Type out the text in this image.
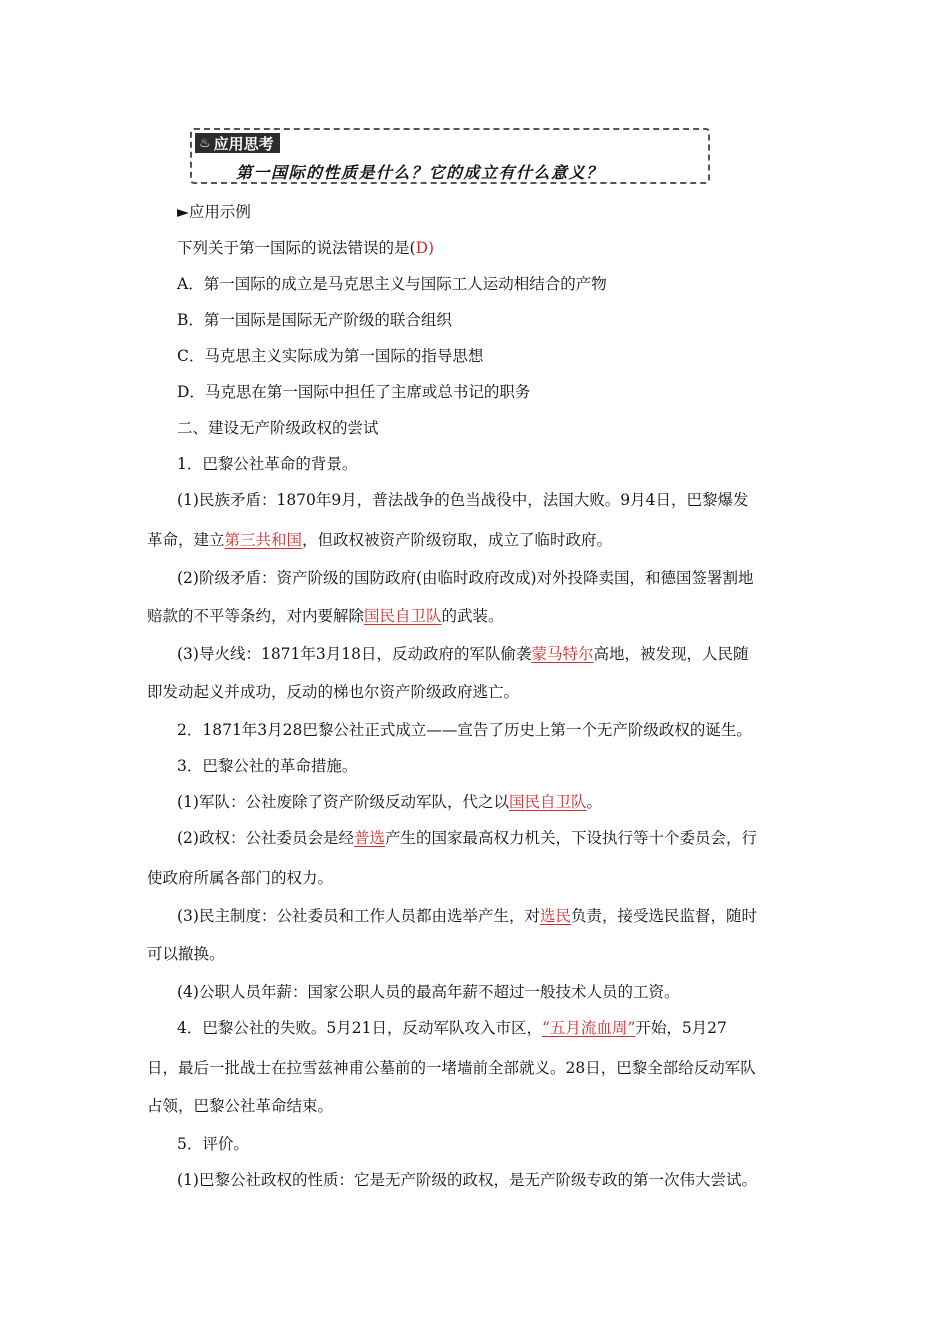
♨ 应用思考
第一国际的性质是什么？它的成立有什么意义？

►应用示例

下列关于第一国际的说法错误的是(D)

A．第一国际的成立是马克思主义与国际工人运动相结合的产物

B．第一国际是国际无产阶级的联合组织

C．马克思主义实际成为第一国际的指导思想

D．马克思在第一国际中担任了主席或总书记的职务

二、建设无产阶级政权的尝试

1．巴黎公社革命的背景。

(1)民族矛盾：1870年9月，普法战争的色当战役中，法国大败。9月4日，巴黎爆发

革命，建立第三共和国，但政权被资产阶级窃取，成立了临时政府。

(2)阶级矛盾：资产阶级的国防政府(由临时政府改成)对外投降卖国，和德国签署割地

赔款的不平等条约，对内要解除国民自卫队的武装。

(3)导火线：1871年3月18日，反动政府的军队偷袭蒙马特尔高地，被发现，人民随

即发动起义并成功，反动的梯也尔资产阶级政府逃亡。

2．1871年3月28巴黎公社正式成立——宣告了历史上第一个无产阶级政权的诞生。

3．巴黎公社的革命措施。

(1)军队：公社废除了资产阶级反动军队，代之以国民自卫队。

(2)政权：公社委员会是经普选产生的国家最高权力机关，下设执行等十个委员会，行

使政府所属各部门的权力。

(3)民主制度：公社委员和工作人员都由选举产生，对选民负责，接受选民监督，随时

可以撤换。

(4)公职人员年薪：国家公职人员的最高年薪不超过一般技术人员的工资。

4．巴黎公社的失败。5月21日，反动军队攻入市区，“五月流血周”开始，5月27

日，最后一批战士在拉雪兹神甫公墓前的一堵墙前全部就义。28日，巴黎全部给反动军队

占领，巴黎公社革命结束。

5．评价。

(1)巴黎公社政权的性质：它是无产阶级的政权，是无产阶级专政的第一次伟大尝试。
